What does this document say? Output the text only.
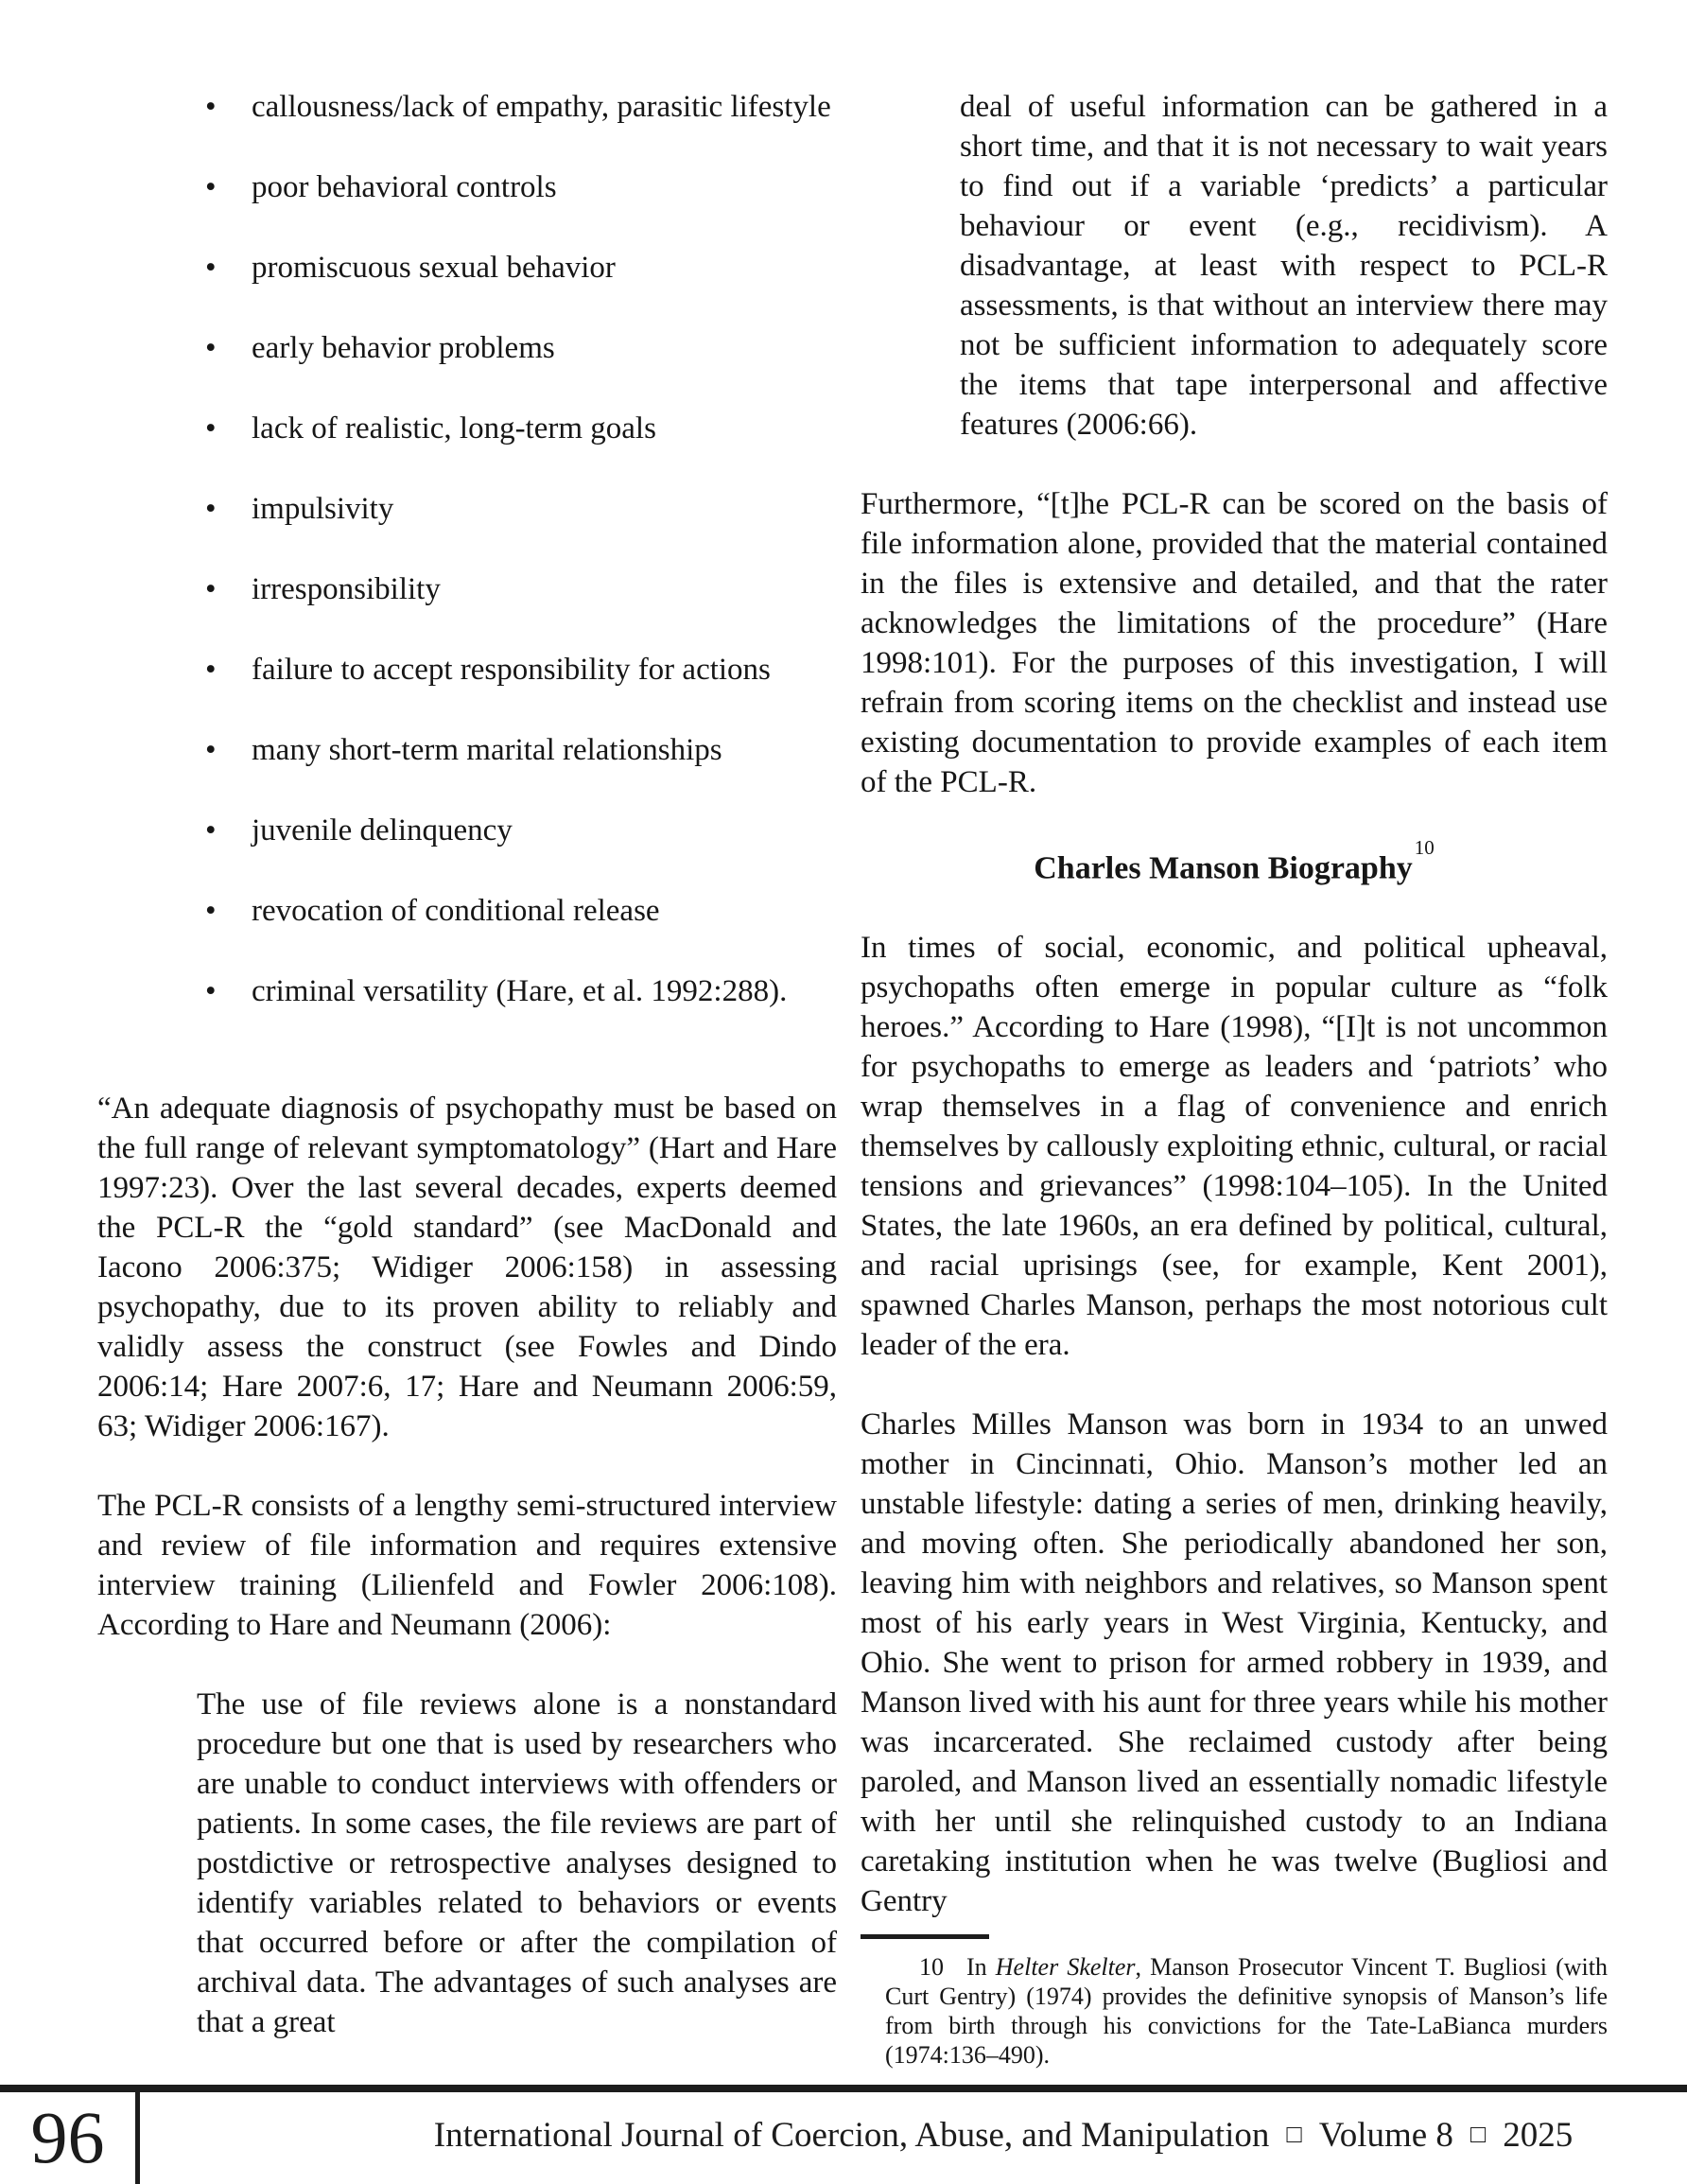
• callousness/lack of empathy, parasitic lifestyle
• poor behavioral controls
• promiscuous sexual behavior
• early behavior problems
• lack of realistic, long-term goals
• impulsivity
• irresponsibility
• failure to accept responsibility for actions
• many short-term marital relationships
• juvenile delinquency
• revocation of conditional release
• criminal versatility (Hare, et al. 1992:288).

“An adequate diagnosis of psychopathy must be based on the full range of relevant symptomatology” (Hart and Hare 1997:23). Over the last several decades, experts deemed the PCL-R the “gold standard” (see MacDonald and Iacono 2006:375; Widiger 2006:158) in assessing psychopathy, due to its proven ability to reliably and validly assess the construct (see Fowles and Dindo 2006:14; Hare 2007:6, 17; Hare and Neumann 2006:59, 63; Widiger 2006:167).

The PCL-R consists of a lengthy semi-structured interview and review of file information and requires extensive interview training (Lilienfeld and Fowler 2006:108). According to Hare and Neumann (2006):

The use of file reviews alone is a nonstandard procedure but one that is used by researchers who are unable to conduct interviews with offenders or patients. In some cases, the file reviews are part of postdictive or retrospective analyses designed to identify variables related to behaviors or events that occurred before or after the compilation of archival data. The advantages of such analyses are that a great
deal of useful information can be gathered in a short time, and that it is not necessary to wait years to find out if a variable ‘predicts’ a particular behaviour or event (e.g., recidivism). A disadvantage, at least with respect to PCL-R assessments, is that without an interview there may not be sufficient information to adequately score the items that tape interpersonal and affective features (2006:66).

Furthermore, “[t]he PCL-R can be scored on the basis of file information alone, provided that the material contained in the files is extensive and detailed, and that the rater acknowledges the limitations of the procedure” (Hare 1998:101). For the purposes of this investigation, I will refrain from scoring items on the checklist and instead use existing documentation to provide examples of each item of the PCL-R.

Charles Manson Biography$^{10}$

In times of social, economic, and political upheaval, psychopaths often emerge in popular culture as “folk heroes.” According to Hare (1998), “[I]t is not uncommon for psychopaths to emerge as leaders and ‘patriots’ who wrap themselves in a flag of convenience and enrich themselves by callously exploiting ethnic, cultural, or racial tensions and grievances” (1998:104–105). In the United States, the late 1960s, an era defined by political, cultural, and racial uprisings (see, for example, Kent 2001), spawned Charles Manson, perhaps the most notorious cult leader of the era.

Charles Milles Manson was born in 1934 to an unwed mother in Cincinnati, Ohio. Manson’s mother led an unstable lifestyle: dating a series of men, drinking heavily, and moving often. She periodically abandoned her son, leaving him with neighbors and relatives, so Manson spent most of his early years in West Virginia, Kentucky, and Ohio. She went to prison for armed robbery in 1939, and Manson lived with his aunt for three years while his mother was incarcerated. She reclaimed custody after being paroled, and Manson lived an essentially nomadic lifestyle with her until she relinquished custody to an Indiana caretaking institution when he was twelve (Bugliosi and Gentry

10 In Helter Skelter, Manson Prosecutor Vincent T. Bugliosi (with Curt Gentry) (1974) provides the definitive synopsis of Manson’s life from birth through his convictions for the Tate-LaBianca murders (1974:136–490).

96	International Journal of Coercion, Abuse, and Manipulation □ Volume 8 □ 2025
